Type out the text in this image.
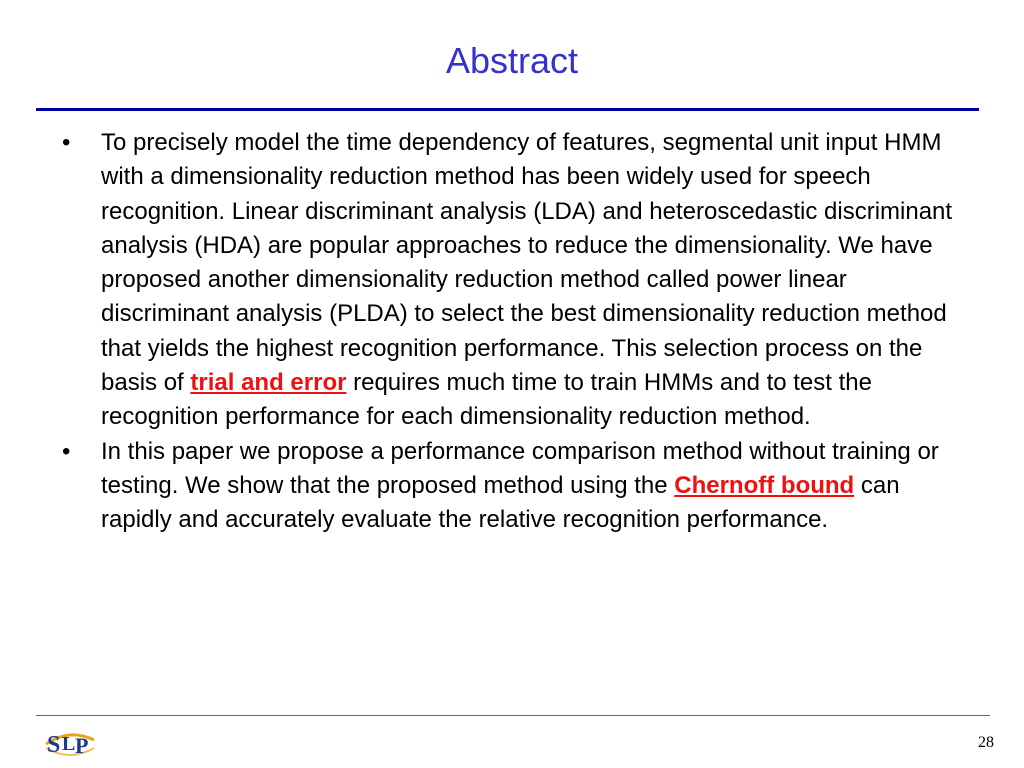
Abstract
• To precisely model the time dependency of features, segmental unit input HMM with a dimensionality reduction method has been widely used for speech recognition. Linear discriminant analysis (LDA) and heteroscedastic discriminant analysis (HDA) are popular approaches to reduce the dimensionality. We have proposed another dimensionality reduction method called power linear discriminant analysis (PLDA) to select the best dimensionality reduction method that yields the highest recognition performance. This selection process on the basis of trial and error requires much time to train HMMs and to test the recognition performance for each dimensionality reduction method.
• In this paper we propose a performance comparison method without training or testing. We show that the proposed method using the Chernoff bound can rapidly and accurately evaluate the relative recognition performance.
S L P	28
